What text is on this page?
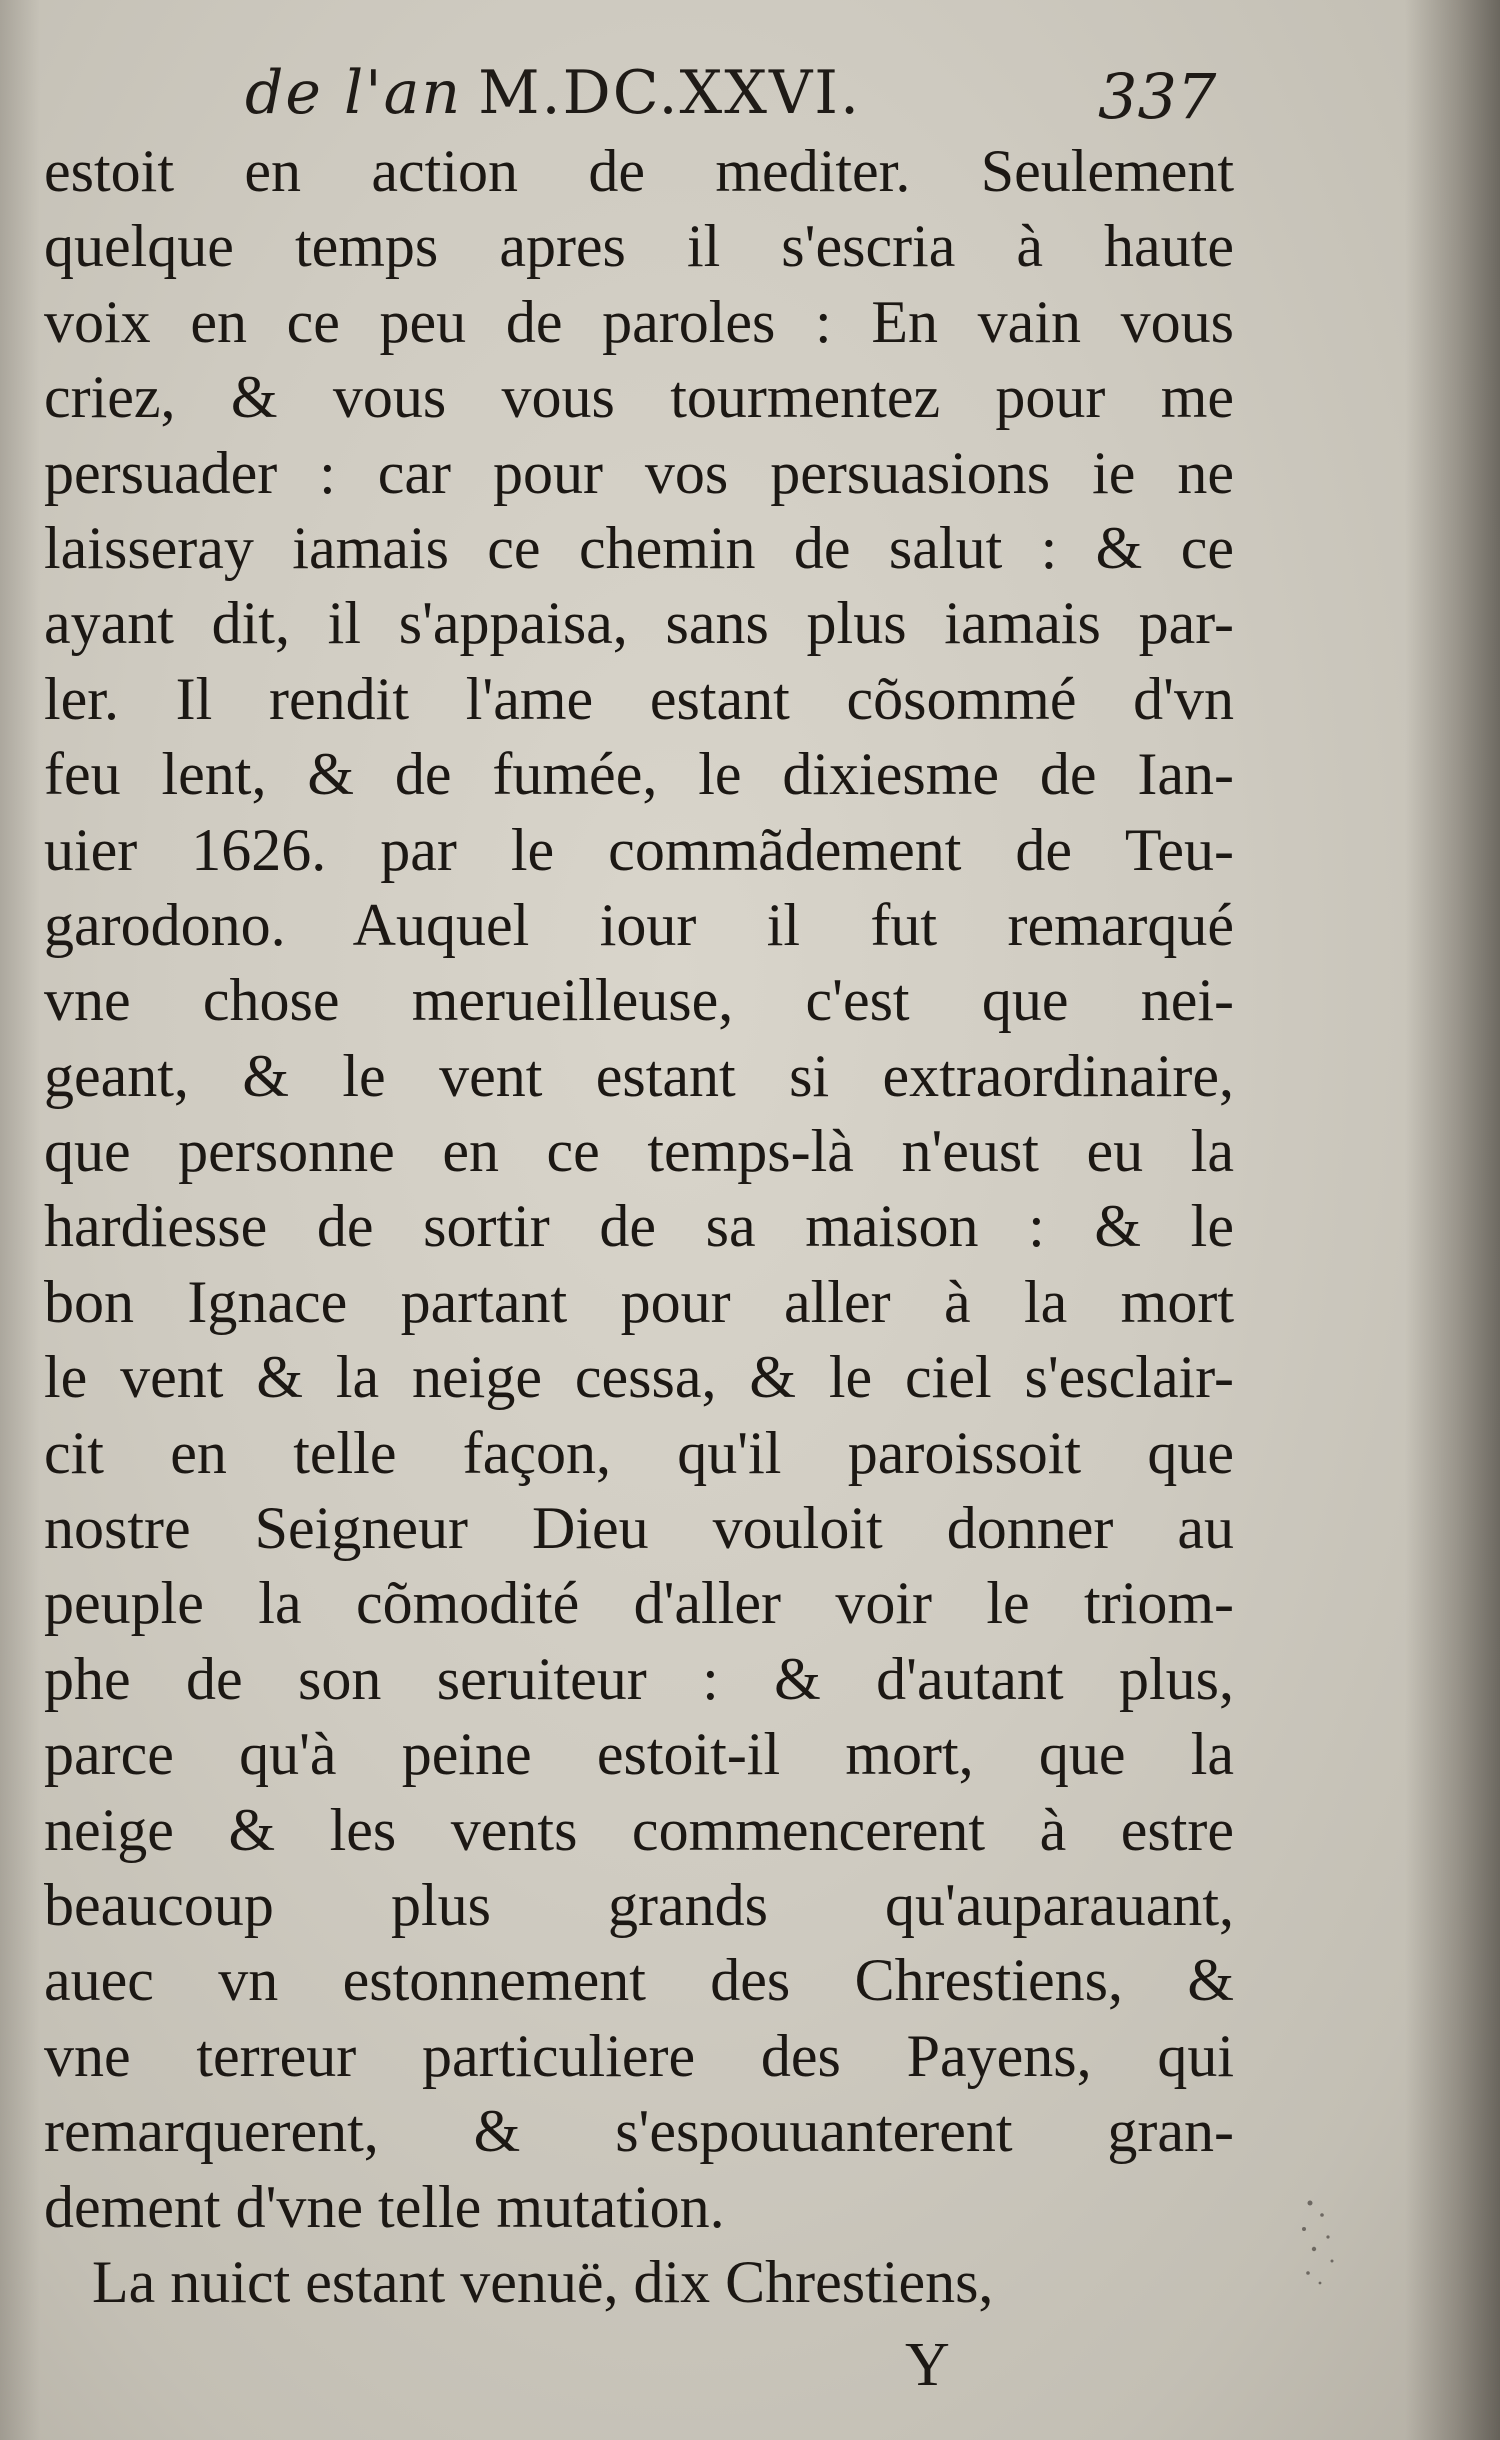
de l'an M.DC.XXVI.	337
estoit en action de mediter. Seulement
quelque temps apres il s'escria à haute
voix en ce peu de paroles : En vain vous
criez, & vous vous tourmentez pour me
persuader : car pour vos persuasions ie ne
laisseray iamais ce chemin de salut : & ce
ayant dit, il s'appaisa, sans plus iamais par-
ler. Il rendit l'ame estant cõsommé d'vn
feu lent, & de fumée, le dixiesme de Ian-
uier 1626. par le commãdement de Teu-
garodono. Auquel iour il fut remarqué
vne chose merueilleuse, c'est que nei-
geant, & le vent estant si extraordinaire,
que personne en ce temps-là n'eust eu la
hardiesse de sortir de sa maison : & le
bon Ignace partant pour aller à la mort
le vent & la neige cessa, & le ciel s'esclair-
cit en telle façon, qu'il paroissoit que
nostre Seigneur Dieu vouloit donner au
peuple la cõmodité d'aller voir le triom-
phe de son seruiteur : & d'autant plus,
parce qu'à peine estoit-il mort, que la
neige & les vents commencerent à estre
beaucoup plus grands qu'auparauant,
auec vn estonnement des Chrestiens, &
vne terreur particuliere des Payens, qui
remarquerent, & s'espouuanterent gran-
dement d'vne telle mutation.
La nuict estant venuë, dix Chrestiens,
Y
